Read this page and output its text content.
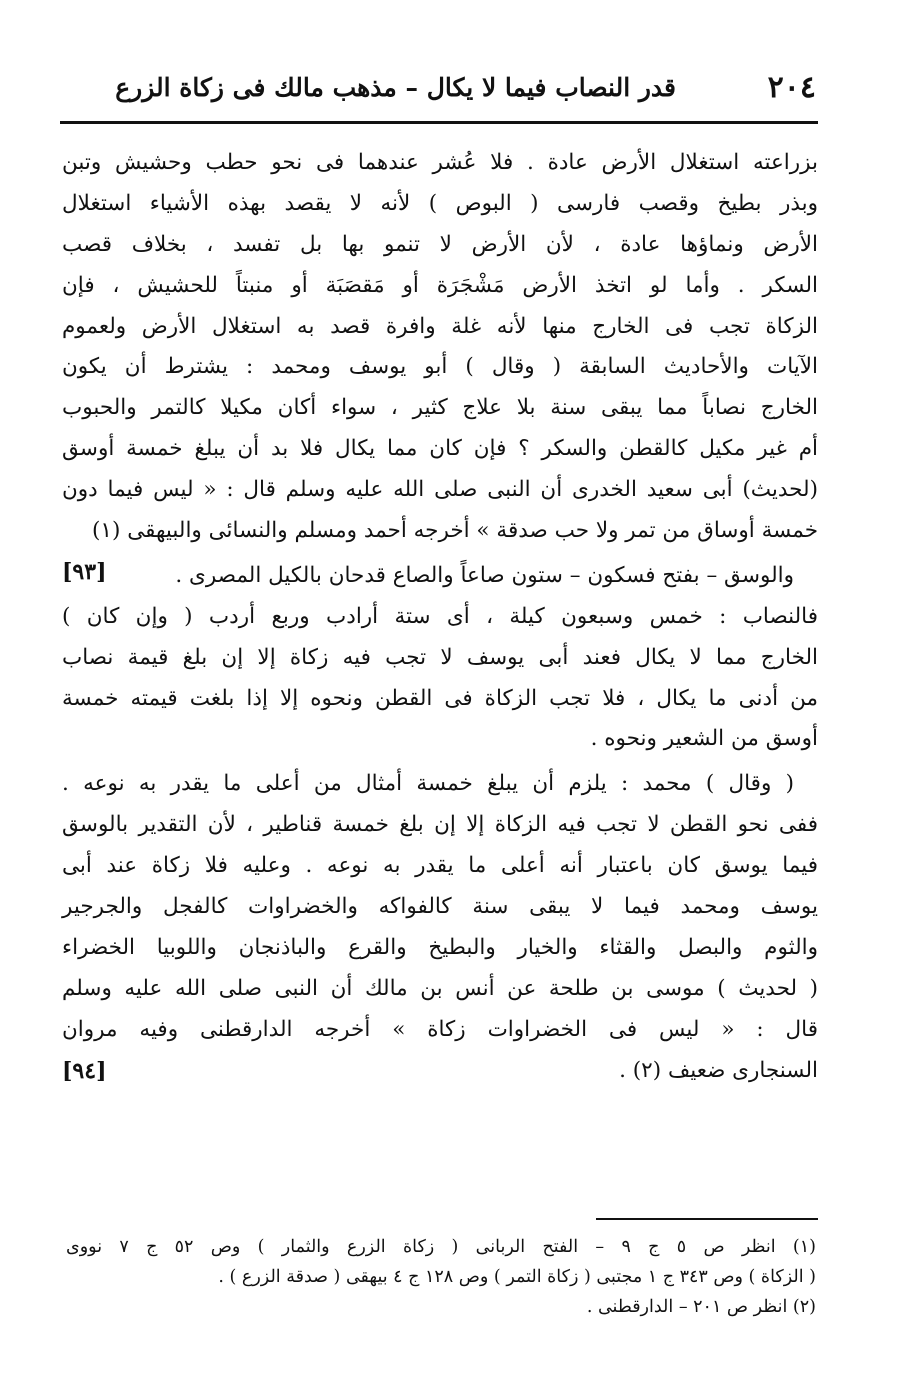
٢٠٤
قدر النصاب فيما لا يكال – مذهب مالك فى زكاة الزرع
بزراعته استغلال الأرض عادة . فلا عُشر عندهما فى نحو حطب وحشيش وتبن
وبذر بطيخ وقصب فارسى ( البوص ) لأنه لا يقصد بهذه الأشياء استغلال
الأرض ونماؤها عادة ، لأن الأرض لا تنمو بها بل تفسد ، بخلاف قصب
السكر . وأما لو اتخذ الأرض مَشْجَرَة أو مَقصَبَة أو منبتاً للحشيش ، فإن
الزكاة تجب فى الخارج منها لأنه غلة وافرة قصد به استغلال الأرض ولعموم
الآيات والأحاديث السابقة ( وقال ) أبو يوسف ومحمد : يشترط أن يكون
الخارج نصاباً مما يبقى سنة بلا علاج كثير ، سواء أكان مكيلا كالتمر والحبوب
أم غير مكيل كالقطن والسكر ؟ فإن كان مما يكال فلا بد أن يبلغ خمسة أوسق
(لحديث) أبى سعيد الخدرى أن النبى صلى الله عليه وسلم قال : « ليس فيما دون
خمسة أوساق من تمر ولا حب صدقة » أخرجه أحمد ومسلم والنسائى والبيهقى (١)
[٩٣]	والوسق – بفتح فسكون – ستون صاعاً والصاع قدحان بالكيل المصرى .
فالنصاب : خمس وسبعون كيلة ، أى ستة أرادب وربع أردب ( وإن كان )
الخارج مما لا يكال فعند أبى يوسف لا تجب فيه زكاة إلا إن بلغ قيمة نصاب
من أدنى ما يكال ، فلا تجب الزكاة فى القطن ونحوه إلا إذا بلغت قيمته خمسة
أوسق من الشعير ونحوه .
( وقال ) محمد : يلزم أن يبلغ خمسة أمثال من أعلى ما يقدر به نوعه .
ففى نحو القطن لا تجب فيه الزكاة إلا إن بلغ خمسة قناطير ، لأن التقدير بالوسق
فيما يوسق كان باعتبار أنه أعلى ما يقدر به نوعه . وعليه فلا زكاة عند أبى
يوسف ومحمد فيما لا يبقى سنة كالفواكه والخضراوات كالفجل والجرجير
والثوم والبصل والقثاء والخيار والبطيخ والقرع والباذنجان واللوبيا الخضراء
( لحديث ) موسى بن طلحة عن أنس بن مالك أن النبى صلى الله عليه وسلم
قال : « ليس فى الخضراوات زكاة » أخرجه الدارقطنى وفيه مروان
السنجارى ضعيف (٢) .
[٩٤]
(١) انظر ص ٥ ج ٩ – الفتح الربانى ( زكاة الزرع والثمار ) وص ٥٢ ج ٧ نووى
( الزكاة ) وص ٣٤٣ ج ١ مجتبى ( زكاة التمر ) وص ١٢٨ ج ٤ بيهقى ( صدقة الزرع ) .
(٢) انظر ص ٢٠١ – الدارقطنى .
